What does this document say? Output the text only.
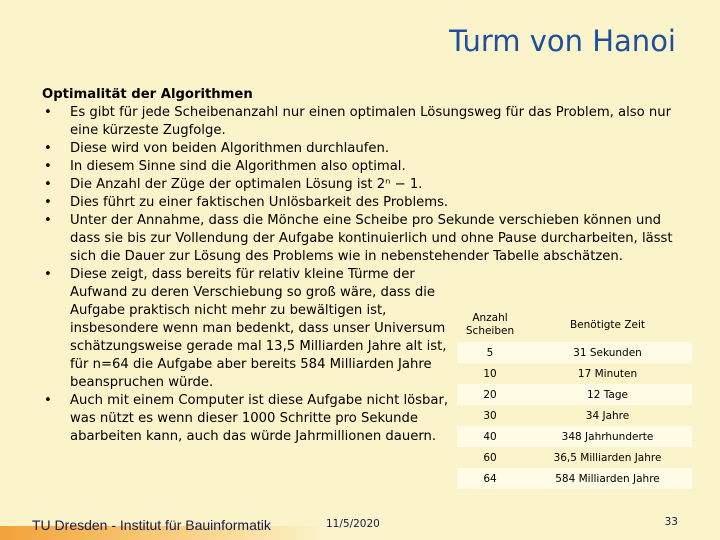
Turm von Hanoi
Optimalität der Algorithmen
• Es gibt für jede Scheibenanzahl nur einen optimalen Lösungsweg für das Problem, also nur eine kürzeste Zugfolge.
• Diese wird von beiden Algorithmen durchlaufen.
• In diesem Sinne sind die Algorithmen also optimal.
• Die Anzahl der Züge der optimalen Lösung ist 2ⁿ − 1.
• Dies führt zu einer faktischen Unlösbarkeit des Problems.
• Unter der Annahme, dass die Mönche eine Scheibe pro Sekunde verschieben können und dass sie bis zur Vollendung der Aufgabe kontinuierlich und ohne Pause durcharbeiten, lässt sich die Dauer zur Lösung des Problems wie in nebenstehender Tabelle abschätzen.
• Diese zeigt, dass bereits für relativ kleine Türme der Aufwand zu deren Verschiebung so groß wäre, dass die Aufgabe praktisch nicht mehr zu bewältigen ist, insbesondere wenn man bedenkt, dass unser Universum schätzungsweise gerade mal 13,5 Milliarden Jahre alt ist, für n=64 die Aufgabe aber bereits 584 Milliarden Jahre beanspruchen würde.
• Auch mit einem Computer ist diese Aufgabe nicht lösbar, was nützt es wenn dieser 1000 Schritte pro Sekunde abarbeiten kann, auch das würde Jahrmillionen dauern.
Anzahl Scheiben	Benötigte Zeit
5	31 Sekunden
10	17 Minuten
20	12 Tage
30	34 Jahre
40	348 Jahrhunderte
60	36,5 Milliarden Jahre
64	584 Milliarden Jahre
TU Dresden - Institut für Bauinformatik	11/5/2020	33
